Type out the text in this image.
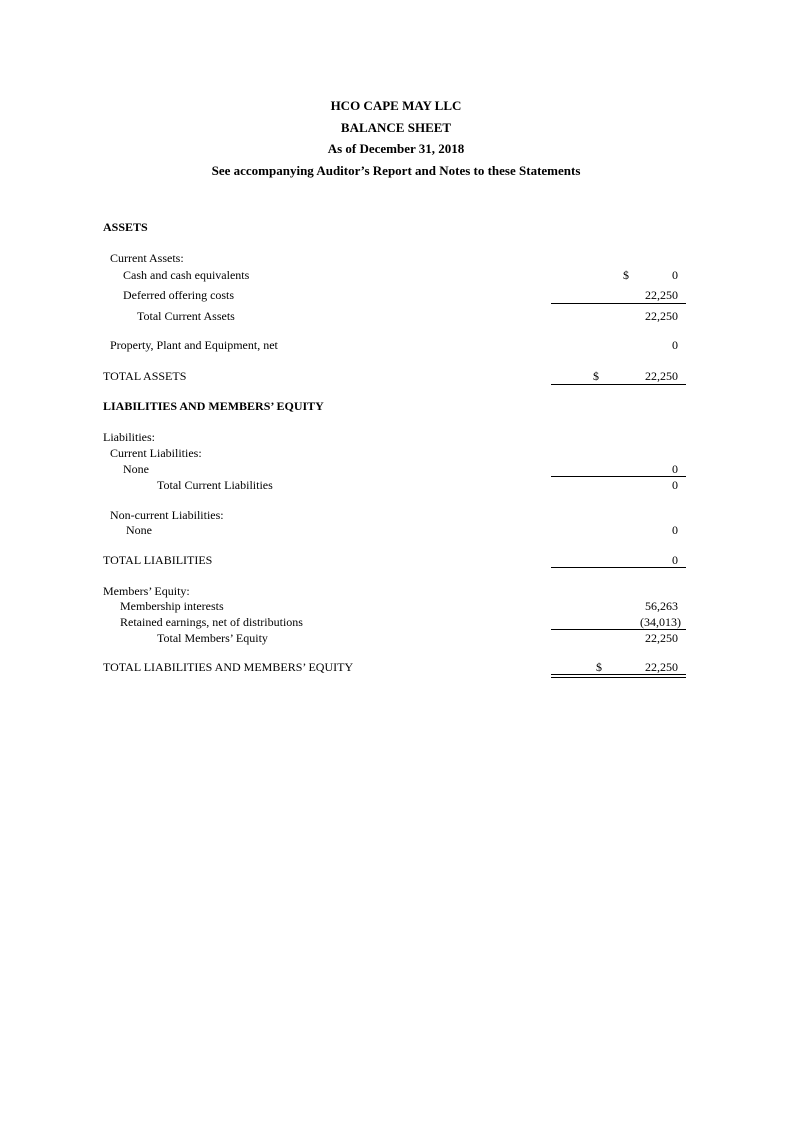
HCO CAPE MAY LLC
BALANCE SHEET
As of December 31, 2018
See accompanying Auditor’s Report and Notes to these Statements
ASSETS
Current Assets:
Cash and cash equivalents	$	0
Deferred offering costs	22,250
Total Current Assets	22,250
Property, Plant and Equipment, net	0
TOTAL ASSETS	$	22,250
LIABILITIES AND MEMBERS’ EQUITY
Liabilities:
Current Liabilities:
None	0
Total Current Liabilities	0
Non-current Liabilities:
None	0
TOTAL LIABILITIES	0
Members’ Equity:
Membership interests	56,263
Retained earnings, net of distributions	(34,013)
Total Members’ Equity	22,250
TOTAL LIABILITIES AND MEMBERS’ EQUITY	$	22,250
